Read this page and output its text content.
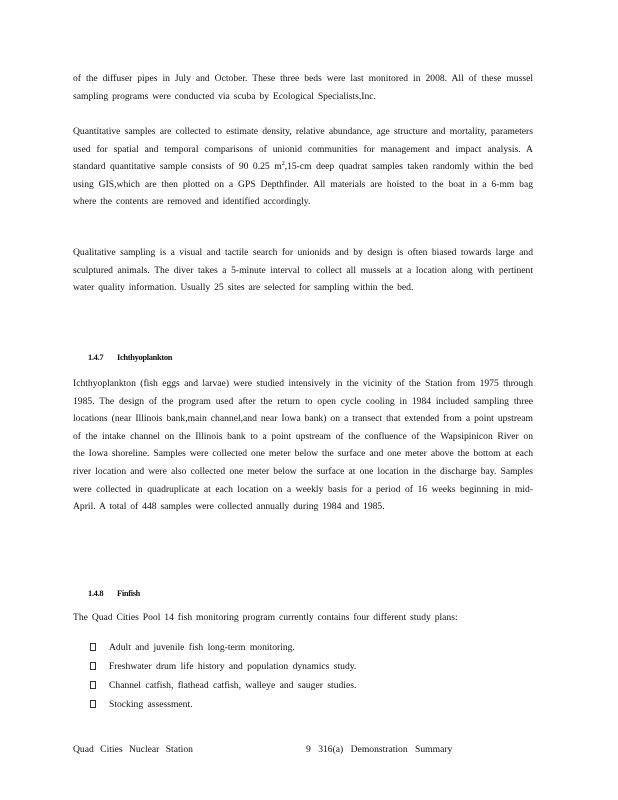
of the diffuser pipes in July and October. These three beds were last monitored in 2008. All of these mussel sampling programs were conducted via scuba by Ecological Specialists,Inc.

Quantitative samples are collected to estimate density, relative abundance, age structure and mortality, parameters used for spatial and temporal comparisons of unionid communities for management and impact analysis. A standard quantitative sample consists of 90 0.25 $m^2,15-cm$ deep quadrat samples taken randomly within the bed using GIS,which are then plotted on a GPS Depthfinder. All materials are hoisted to the boat in a 6-mm bag where the contents are removed and identified accordingly.

Qualitative sampling is a visual and tactile search for unionids and by design is often biased towards large and sculptured animals. The diver takes a 5-minute interval to collect all mussels at a location along with pertinent water quality information. Usually 25 sites are selected for sampling within the bed.

1.4.7 Ichthyoplankton

Ichthyoplankton (fish eggs and larvae) were studied intensively in the vicinity of the Station from 1975 through 1985. The design of the program used after the return to open cycle cooling in 1984 included sampling three locations (near Illinois bank,main channel,and near Iowa bank) on a transect that extended from a point upstream of the intake channel on the Illinois bank to a point upstream of the confluence of the Wapsipinicon River on the Iowa shoreline. Samples were collected one meter below the surface and one meter above the bottom at each river location and were also collected one meter below the surface at one location in the discharge bay. Samples were collected in quadruplicate at each location on a weekly basis for a period of 16 weeks beginning in mid-April. A total of 448 samples were collected annually during 1984 and 1985.

1.4.8 Finfish

The Quad Cities Pool 14 fish monitoring program currently contains four different study plans:

Adult and juvenile fish long-term monitoring.
Freshwater drum life history and population dynamics study.
Channel catfish, flathead catfish, walleye and sauger studies.
Stocking assessment.
Quad Cities Nuclear Station	9 316(a) Demonstration Summary
